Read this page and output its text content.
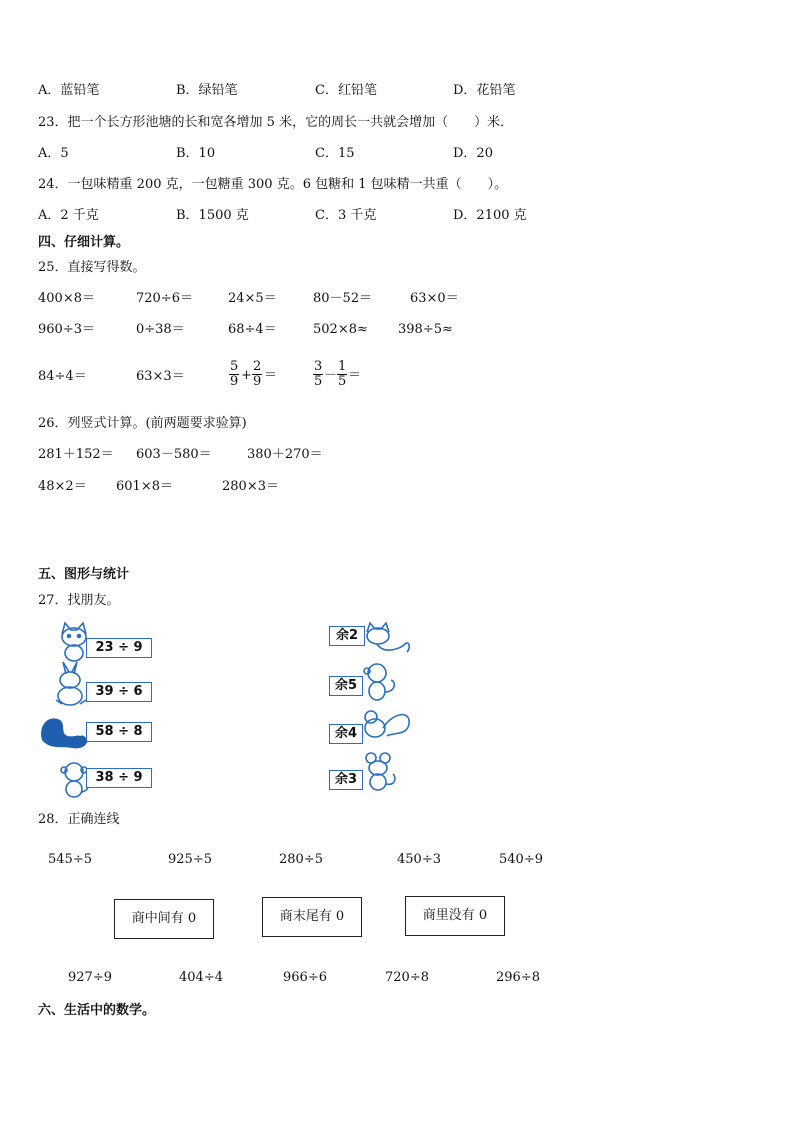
A．蓝铅笔	B．绿铅笔	C．红铅笔	D．花铅笔
23．把一个长方形池塘的长和宽各增加 5 米，它的周长一共就会增加（　　）米．
A．5	B．10	C．15	D．20
24．一包味精重 200 克，一包糖重 300 克。6 包糖和 1 包味精一共重（　　）。
A．2 千克	B．1500 克	C．3 千克	D．2100 克
四、仔细计算。
25．直接写得数。
400×8＝	720÷6＝	24×5＝	80－52＝	63×0＝
960÷3＝	0÷38＝	68÷4＝	502×8≈ 398÷5≈
84÷4＝	63×3＝	$\frac{5}{9} + \frac{2}{9}$ ＝	$\frac{3}{5} - \frac{1}{5}$ ＝
26．列竖式计算。(前两题要求验算)
281＋152＝ 603－580＝	380＋270＝
48×2＝ 601×8＝	280×3＝
五、图形与统计
27．找朋友。
23 ÷ 9
39 ÷ 6
58 ÷ 8
38 ÷ 9
余2
余5
余4
余3
28．正确连线
545÷5	925÷5	280÷5	450÷3	540÷9
商中间有 0	商末尾有 0	商里没有 0
927÷9	404÷4	966÷6	720÷8	296÷8
六、生活中的数学。
